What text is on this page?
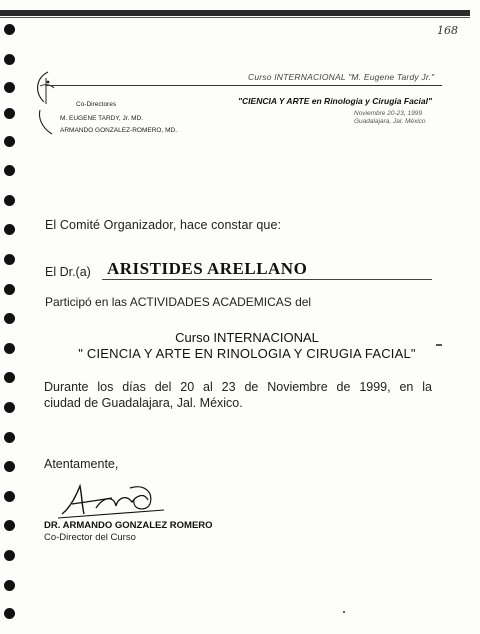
168
Curso INTERNACIONAL "M. Eugene Tardy Jr."
"CIENCIA Y ARTE en Rinologia y Cirugia Facial"
Noviembre 20-23, 1999
Guadalajara, Jal. México
Co-Directores
M. EUGENE TARDY, Jr. MD.
ARMANDO GONZALEZ-ROMERO, MD.
El Comité Organizador, hace constar que:
El Dr.(a) ARISTIDES ARELLANO
Participó en las ACTIVIDADES ACADEMICAS del
Curso INTERNACIONAL
" CIENCIA Y ARTE EN RINOLOGIA Y CIRUGIA FACIAL"
Durante los días del 20 al 23 de Noviembre de 1999, en la
ciudad de Guadalajara, Jal. México.
Atentamente,
DR. ARMANDO GONZALEZ ROMERO
Co-Director del Curso
